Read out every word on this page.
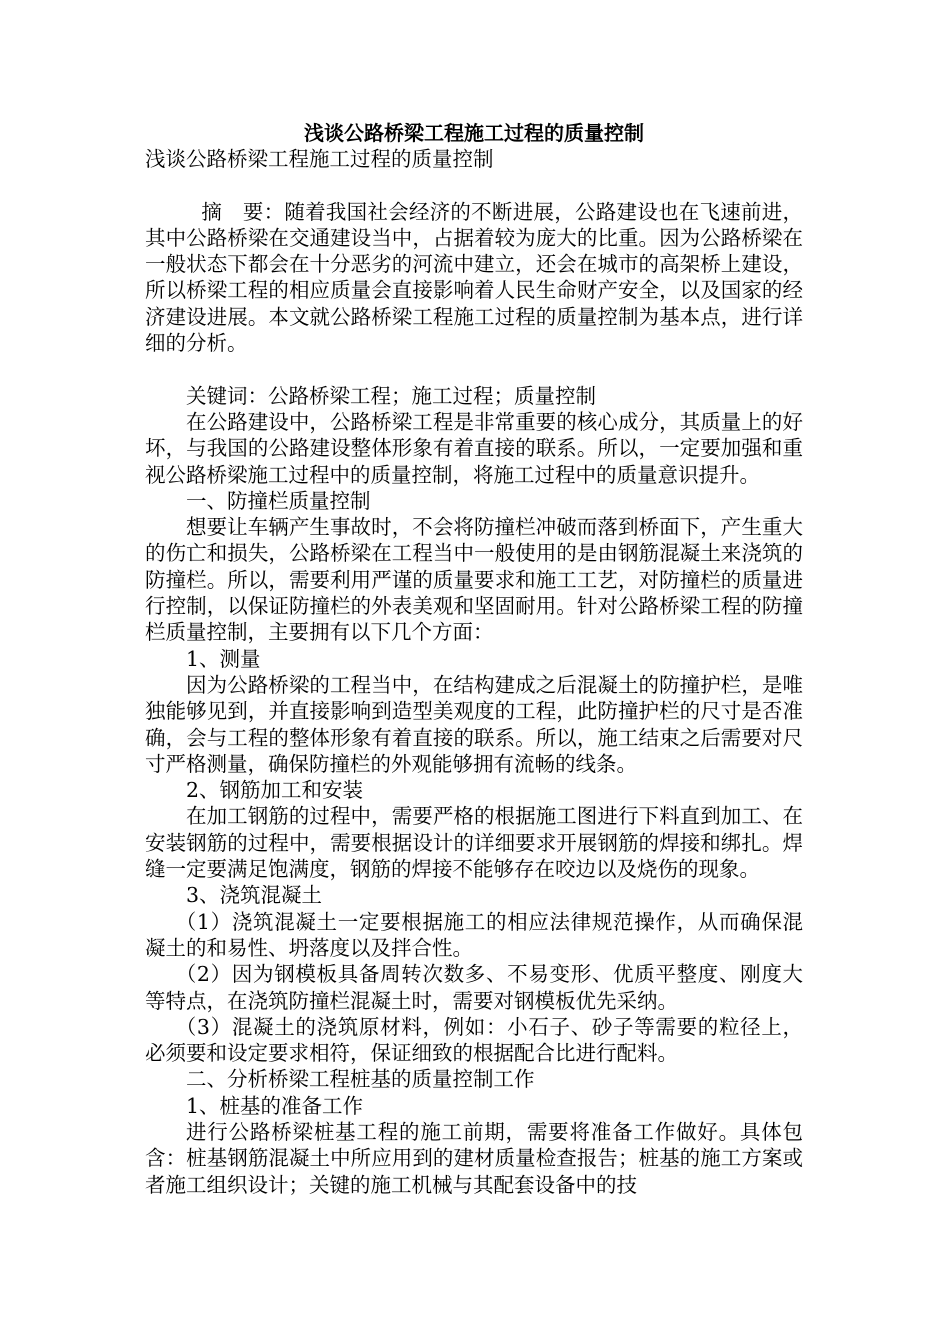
浅谈公路桥梁工程施工过程的质量控制

浅谈公路桥梁工程施工过程的质量控制

摘　要：随着我国社会经济的不断进展，公路建设也在飞速前进，其中公路桥梁在交通建设当中，占据着较为庞大的比重。因为公路桥梁在一般状态下都会在十分恶劣的河流中建立，还会在城市的高架桥上建设，所以桥梁工程的相应质量会直接影响着人民生命财产安全，以及国家的经济建设进展。本文就公路桥梁工程施工过程的质量控制为基本点，进行详细的分析。

关键词：公路桥梁工程；施工过程；质量控制

在公路建设中，公路桥梁工程是非常重要的核心成分，其质量上的好坏，与我国的公路建设整体形象有着直接的联系。所以，一定要加强和重视公路桥梁施工过程中的质量控制，将施工过程中的质量意识提升。

一、防撞栏质量控制

想要让车辆产生事故时，不会将防撞栏冲破而落到桥面下，产生重大的伤亡和损失，公路桥梁在工程当中一般使用的是由钢筋混凝土来浇筑的防撞栏。所以，需要利用严谨的质量要求和施工工艺，对防撞栏的质量进行控制，以保证防撞栏的外表美观和坚固耐用。针对公路桥梁工程的防撞栏质量控制，主要拥有以下几个方面：

1、测量

因为公路桥梁的工程当中，在结构建成之后混凝土的防撞护栏，是唯独能够见到，并直接影响到造型美观度的工程，此防撞护栏的尺寸是否准确，会与工程的整体形象有着直接的联系。所以，施工结束之后需要对尺寸严格测量，确保防撞栏的外观能够拥有流畅的线条。

2、钢筋加工和安装

在加工钢筋的过程中，需要严格的根据施工图进行下料直到加工、在安装钢筋的过程中，需要根据设计的详细要求开展钢筋的焊接和绑扎。焊缝一定要满足饱满度，钢筋的焊接不能够存在咬边以及烧伤的现象。

3、浇筑混凝土

（1）浇筑混凝土一定要根据施工的相应法律规范操作，从而确保混凝土的和易性、坍落度以及拌合性。

（2）因为钢模板具备周转次数多、不易变形、优质平整度、刚度大等特点，在浇筑防撞栏混凝土时，需要对钢模板优先采纳。

（3）混凝土的浇筑原材料，例如：小石子、砂子等需要的粒径上，必须要和设定要求相符，保证细致的根据配合比进行配料。

二、分析桥梁工程桩基的质量控制工作

1、桩基的准备工作

进行公路桥梁桩基工程的施工前期，需要将准备工作做好。具体包含：桩基钢筋混凝土中所应用到的建材质量检查报告；桩基的施工方案或者施工组织设计；关键的施工机械与其配套设备中的技
